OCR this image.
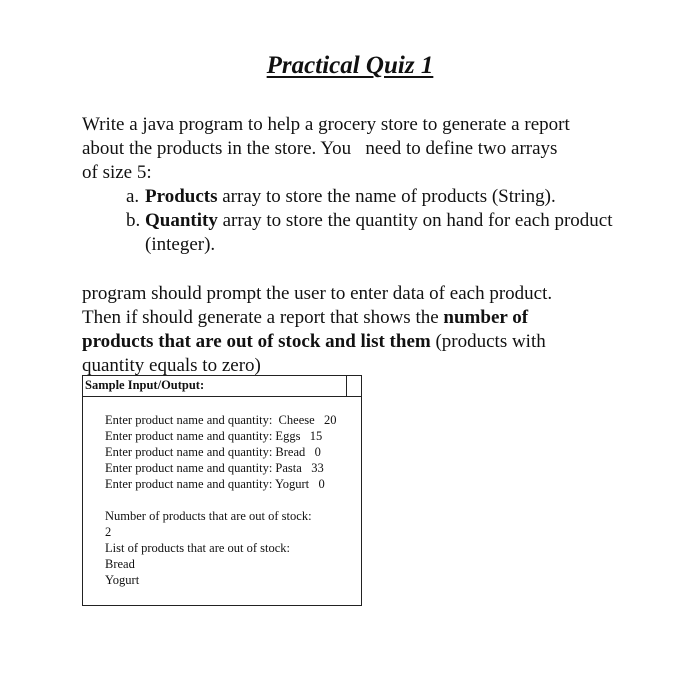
Practical Quiz 1

Write a java program to help a grocery store to generate a report

about the products in the store. You   need to define two arrays

of size 5:

a. Products array to store the name of products (String).
b. Quantity array to store the quantity on hand for each product (integer).

program should prompt the user to enter data of each product.

Then if should generate a report that shows the number of

products that are out of stock and list them (products with

quantity equals to zero)

Sample Input/Output:
Enter product name and quantity:  Cheese   20
Enter product name and quantity: Eggs   15
Enter product name and quantity: Bread   0
Enter product name and quantity: Pasta   33
Enter product name and quantity: Yogurt   0
Number of products that are out of stock:
2
List of products that are out of stock:
Bread
Yogurt
